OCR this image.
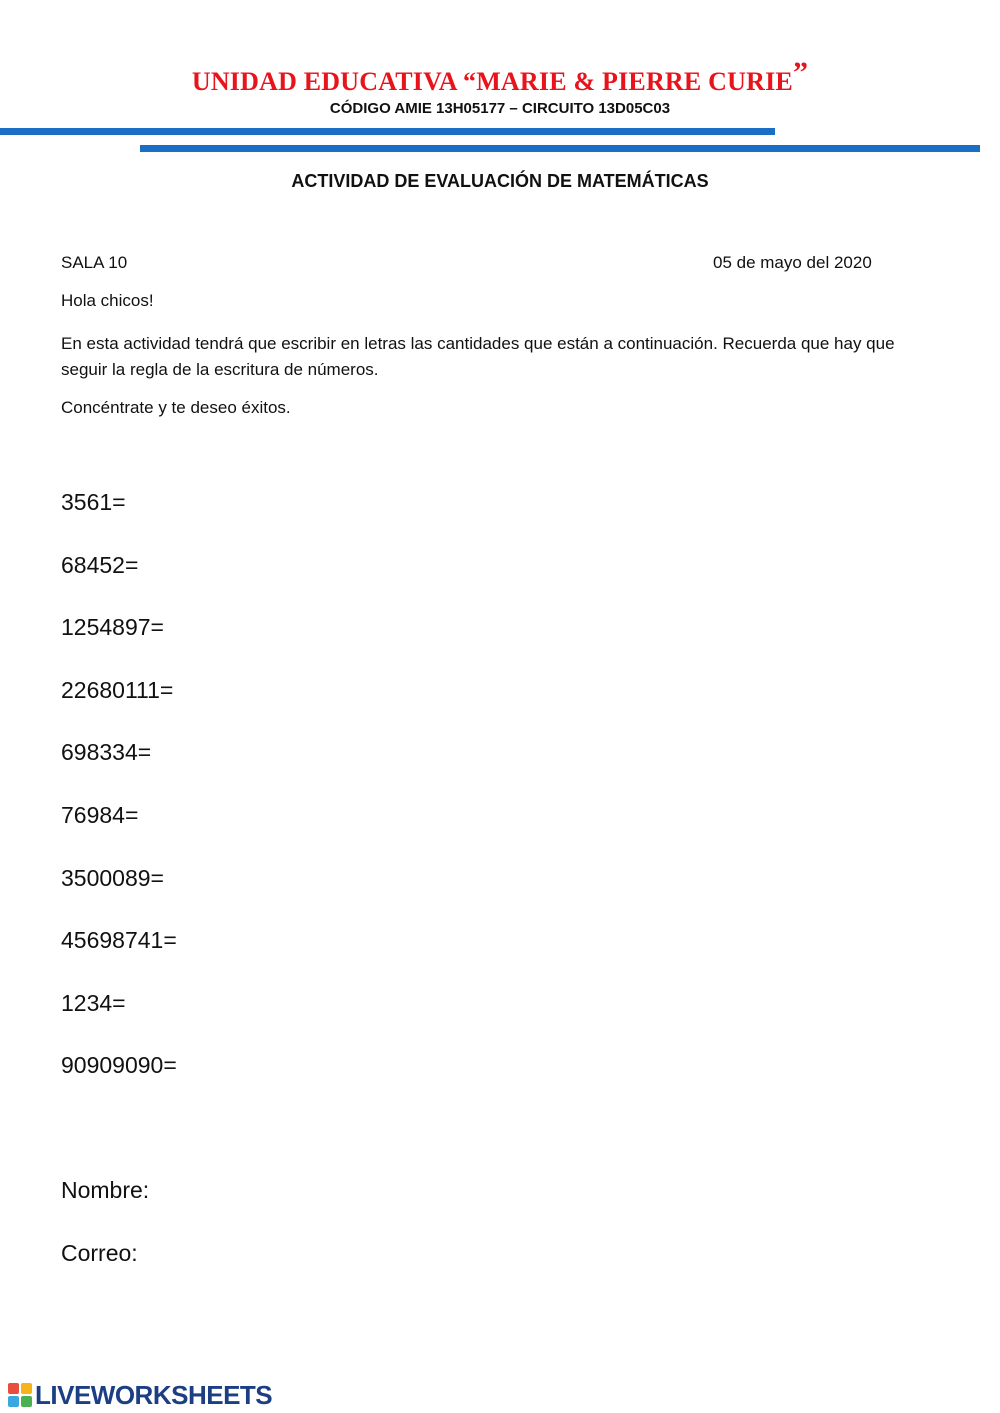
UNIDAD EDUCATIVA “MARIE & PIERRE CURIE”
CÓDIGO AMIE 13H05177 – CIRCUITO 13D05C03
ACTIVIDAD DE EVALUACIÓN DE MATEMÁTICAS
SALA 10	05 de mayo del 2020
Hola chicos!
En esta actividad tendrá que escribir en letras las cantidades que están a continuación. Recuerda que hay que seguir la regla de la escritura de números.
Concéntrate y te deseo éxitos.
3561=
68452=
1254897=
22680111=
698334=
76984=
3500089=
45698741=
1234=
90909090=
Nombre:
Correo:
LIVEWORKSHEETS
